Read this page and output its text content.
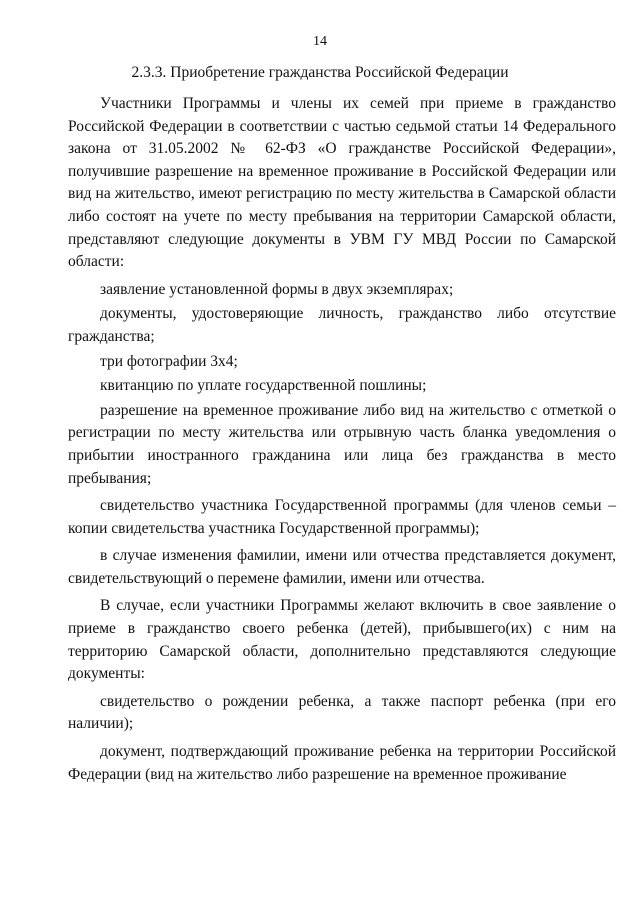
14
2.3.3. Приобретение гражданства Российской Федерации

Участники Программы и члены их семей при приеме в гражданство Российской Федерации в соответствии с частью седьмой статьи 14 Федерального закона от 31.05.2002 № 62-ФЗ «О гражданстве Российской Федерации», получившие разрешение на временное проживание в Российской Федерации или вид на жительство, имеют регистрацию по месту жительства в Самарской области либо состоят на учете по месту пребывания на территории Самарской области, представляют следующие документы в УВМ ГУ МВД России по Самарской области:

заявление установленной формы в двух экземплярах;

документы, удостоверяющие личность, гражданство либо отсутствие гражданства;

три фотографии 3х4;

квитанцию по уплате государственной пошлины;

разрешение на временное проживание либо вид на жительство с отметкой о регистрации по месту жительства или отрывную часть бланка уведомления о прибытии иностранного гражданина или лица без гражданства в место пребывания;

свидетельство участника Государственной программы (для членов семьи – копии свидетельства участника Государственной программы);

в случае изменения фамилии, имени или отчества представляется документ, свидетельствующий о перемене фамилии, имени или отчества.

В случае, если участники Программы желают включить в свое заявление о приеме в гражданство своего ребенка (детей), прибывшего(их) с ним на территорию Самарской области, дополнительно представляются следующие документы:

свидетельство о рождении ребенка, а также паспорт ребенка (при его наличии);

документ, подтверждающий проживание ребенка на территории Российской Федерации (вид на жительство либо разрешение на временное проживание
